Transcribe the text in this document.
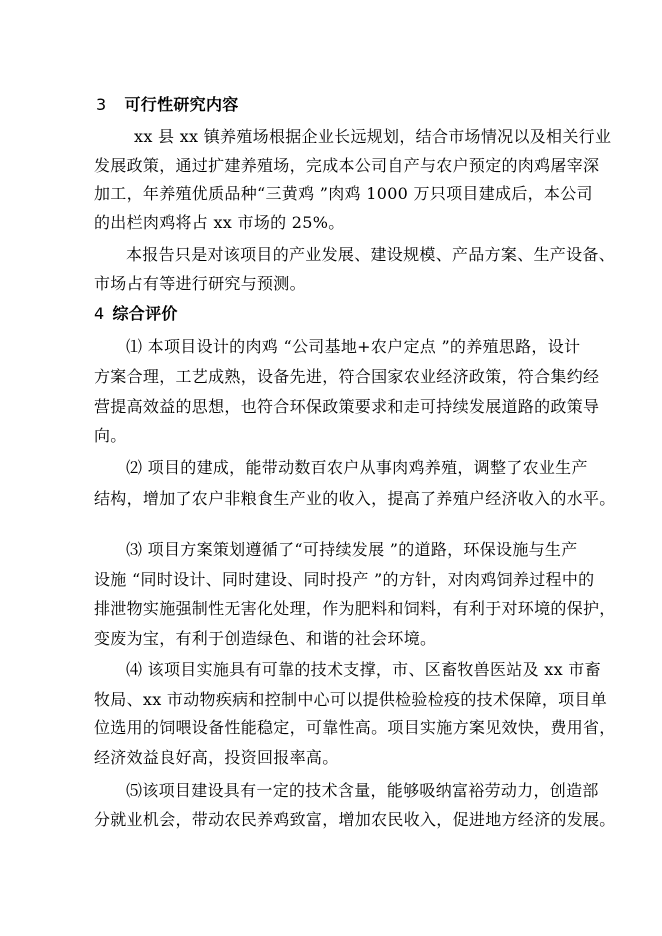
3 可行性研究内容
xx 县 xx 镇养殖场根据企业长远规划，结合市场情况以及相关行业
发展政策，通过扩建养殖场，完成本公司自产与农户预定的肉鸡屠宰深
加工，年养殖优质品种“三黄鸡 ”肉鸡 1000 万只项目建成后，本公司
的出栏肉鸡将占 xx 市场的 25%。
本报告只是对该项目的产业发展、建设规模、产品方案、生产设备、
市场占有等进行研究与预测。
4 综合评价
⑴ 本项目设计的肉鸡 “公司基地+农户定点 ”的养殖思路，设计
方案合理，工艺成熟，设备先进，符合国家农业经济政策，符合集约经
营提高效益的思想，也符合环保政策要求和走可持续发展道路的政策导
向。
⑵ 项目的建成，能带动数百农户从事肉鸡养殖，调整了农业生产
结构，增加了农户非粮食生产业的收入，提高了养殖户经济收入的水平。
⑶ 项目方案策划遵循了“可持续发展 ”的道路，环保设施与生产
设施 “同时设计、同时建设、同时投产 ”的方针，对肉鸡饲养过程中的
排泄物实施强制性无害化处理，作为肥料和饲料，有利于对环境的保护，
变废为宝，有利于创造绿色、和谐的社会环境。
⑷ 该项目实施具有可靠的技术支撑，市、区畜牧兽医站及 xx 市畜
牧局、xx 市动物疾病和控制中心可以提供检验检疫的技术保障，项目单
位选用的饲喂设备性能稳定，可靠性高。项目实施方案见效快，费用省，
经济效益良好高，投资回报率高。
⑸该项目建设具有一定的技术含量，能够吸纳富裕劳动力，创造部
分就业机会，带动农民养鸡致富，增加农民收入，促进地方经济的发展。
